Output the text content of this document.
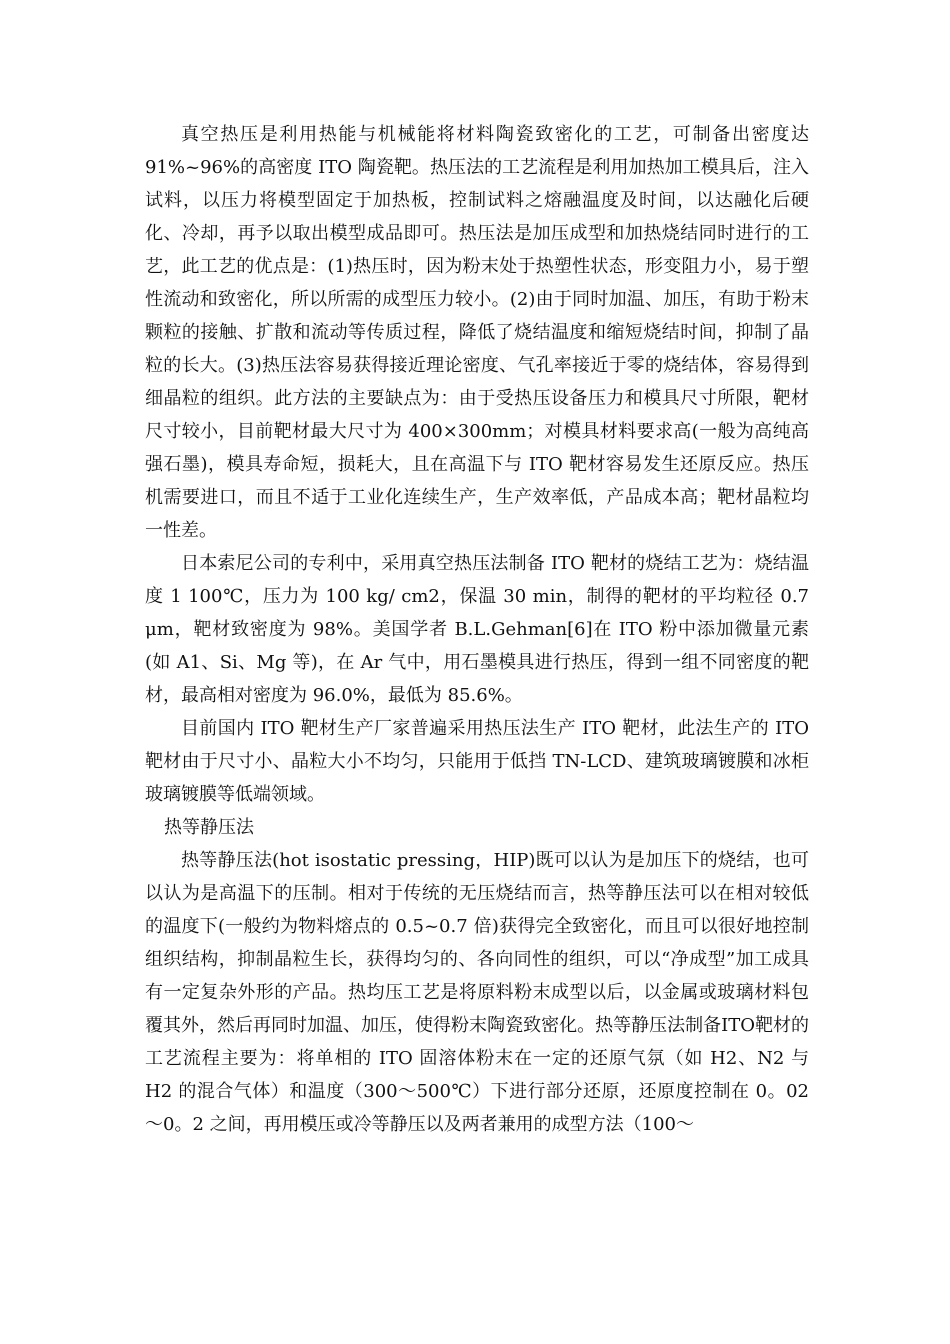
真空热压是利用热能与机械能将材料陶瓷致密化的工艺，可制备出密度达91%~96%的高密度 ITO 陶瓷靶。热压法的工艺流程是利用加热加工模具后，注入试料，以压力将模型固定于加热板，控制试料之熔融温度及时间，以达融化后硬化、冷却，再予以取出模型成品即可。热压法是加压成型和加热烧结同时进行的工艺，此工艺的优点是：(1)热压时，因为粉末处于热塑性状态，形变阻力小，易于塑性流动和致密化，所以所需的成型压力较小。(2)由于同时加温、加压，有助于粉末颗粒的接触、扩散和流动等传质过程，降低了烧结温度和缩短烧结时间，抑制了晶粒的长大。(3)热压法容易获得接近理论密度、气孔率接近于零的烧结体，容易得到细晶粒的组织。此方法的主要缺点为：由于受热压设备压力和模具尺寸所限，靶材尺寸较小，目前靶材最大尺寸为 400×300mm；对模具材料要求高(一般为高纯高强石墨)，模具寿命短，损耗大，且在高温下与 ITO 靶材容易发生还原反应。热压机需要进口，而且不适于工业化连续生产，生产效率低，产品成本高；靶材晶粒均一性差。

日本索尼公司的专利中，采用真空热压法制备 ITO 靶材的烧结工艺为：烧结温度 1 100℃，压力为 100 kg/ cm2，保温 30 min，制得的靶材的平均粒径 0.7 μm，靶材致密度为 98%。美国学者 B.L.Gehman[6]在 ITO 粉中添加微量元素(如 A1、Si、Mg 等)，在 Ar 气中，用石墨模具进行热压，得到一组不同密度的靶材，最高相对密度为 96.0%，最低为 85.6%。

目前国内 ITO 靶材生产厂家普遍采用热压法生产 ITO 靶材，此法生产的 ITO 靶材由于尺寸小、晶粒大小不均匀，只能用于低挡 TN-LCD、建筑玻璃镀膜和冰柜玻璃镀膜等低端领域。

热等静压法

热等静压法(hot isostatic pressing，HIP)既可以认为是加压下的烧结，也可以认为是高温下的压制。相对于传统的无压烧结而言，热等静压法可以在相对较低的温度下(一般约为物料熔点的 0.5~0.7 倍)获得完全致密化，而且可以很好地控制组织结构，抑制晶粒生长，获得均匀的、各向同性的组织，可以“净成型”加工成具有一定复杂外形的产品。热均压工艺是将原料粉末成型以后，以金属或玻璃材料包覆其外，然后再同时加温、加压，使得粉末陶瓷致密化。热等静压法制备ITO靶材的工艺流程主要为：将单相的 ITO 固溶体粉末在一定的还原气氛（如 H2、N2 与 H2 的混合气体）和温度（300～500℃）下进行部分还原，还原度控制在 0。02～0。2 之间，再用模压或冷等静压以及两者兼用的成型方法（100～
